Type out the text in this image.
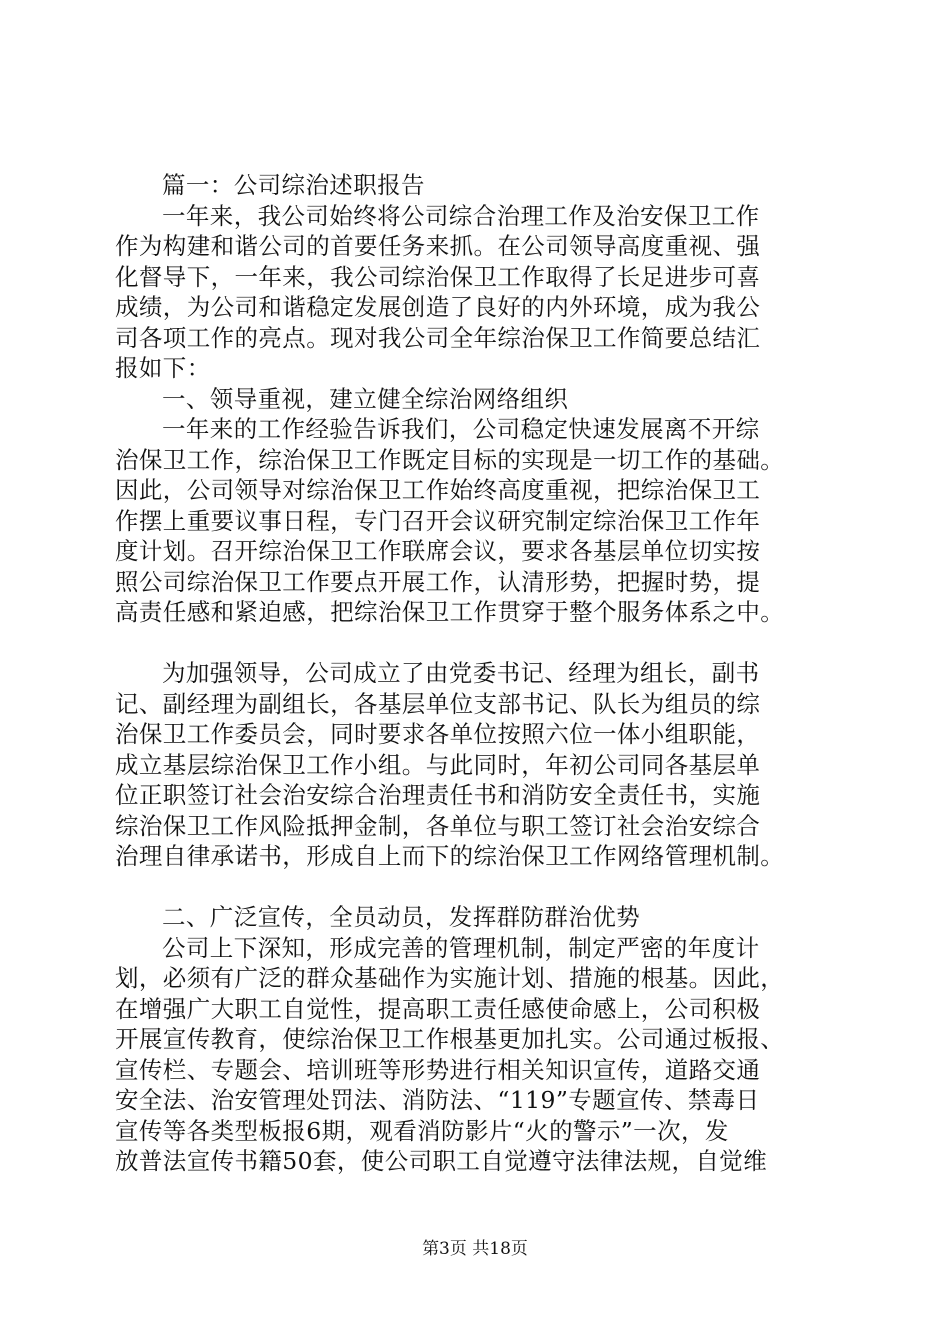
篇一：公司综治述职报告
一年来，我公司始终将公司综合治理工作及治安保卫工作
作为构建和谐公司的首要任务来抓。在公司领导高度重视、强
化督导下，一年来，我公司综治保卫工作取得了长足进步可喜
成绩，为公司和谐稳定发展创造了良好的内外环境，成为我公
司各项工作的亮点。现对我公司全年综治保卫工作简要总结汇
报如下：
一、领导重视，建立健全综治网络组织
一年来的工作经验告诉我们，公司稳定快速发展离不开综
治保卫工作，综治保卫工作既定目标的实现是一切工作的基础。
因此，公司领导对综治保卫工作始终高度重视，把综治保卫工
作摆上重要议事日程，专门召开会议研究制定综治保卫工作年
度计划。召开综治保卫工作联席会议，要求各基层单位切实按
照公司综治保卫工作要点开展工作，认清形势，把握时势，提
高责任感和紧迫感，把综治保卫工作贯穿于整个服务体系之中。
为加强领导，公司成立了由党委书记、经理为组长，副书
记、副经理为副组长，各基层单位支部书记、队长为组员的综
治保卫工作委员会，同时要求各单位按照六位一体小组职能，
成立基层综治保卫工作小组。与此同时，年初公司同各基层单
位正职签订社会治安综合治理责任书和消防安全责任书，实施
综治保卫工作风险抵押金制，各单位与职工签订社会治安综合
治理自律承诺书，形成自上而下的综治保卫工作网络管理机制。
二、广泛宣传，全员动员，发挥群防群治优势
公司上下深知，形成完善的管理机制，制定严密的年度计
划，必须有广泛的群众基础作为实施计划、措施的根基。因此，
在增强广大职工自觉性，提高职工责任感使命感上，公司积极
开展宣传教育，使综治保卫工作根基更加扎实。公司通过板报、
宣传栏、专题会、培训班等形势进行相关知识宣传，道路交通
安全法、治安管理处罚法、消防法、“119”专题宣传、禁毒日
宣传等各类型板报6期，观看消防影片“火的警示”一次，发
放普法宣传书籍50套，使公司职工自觉遵守法律法规，自觉维
第3页 共18页
